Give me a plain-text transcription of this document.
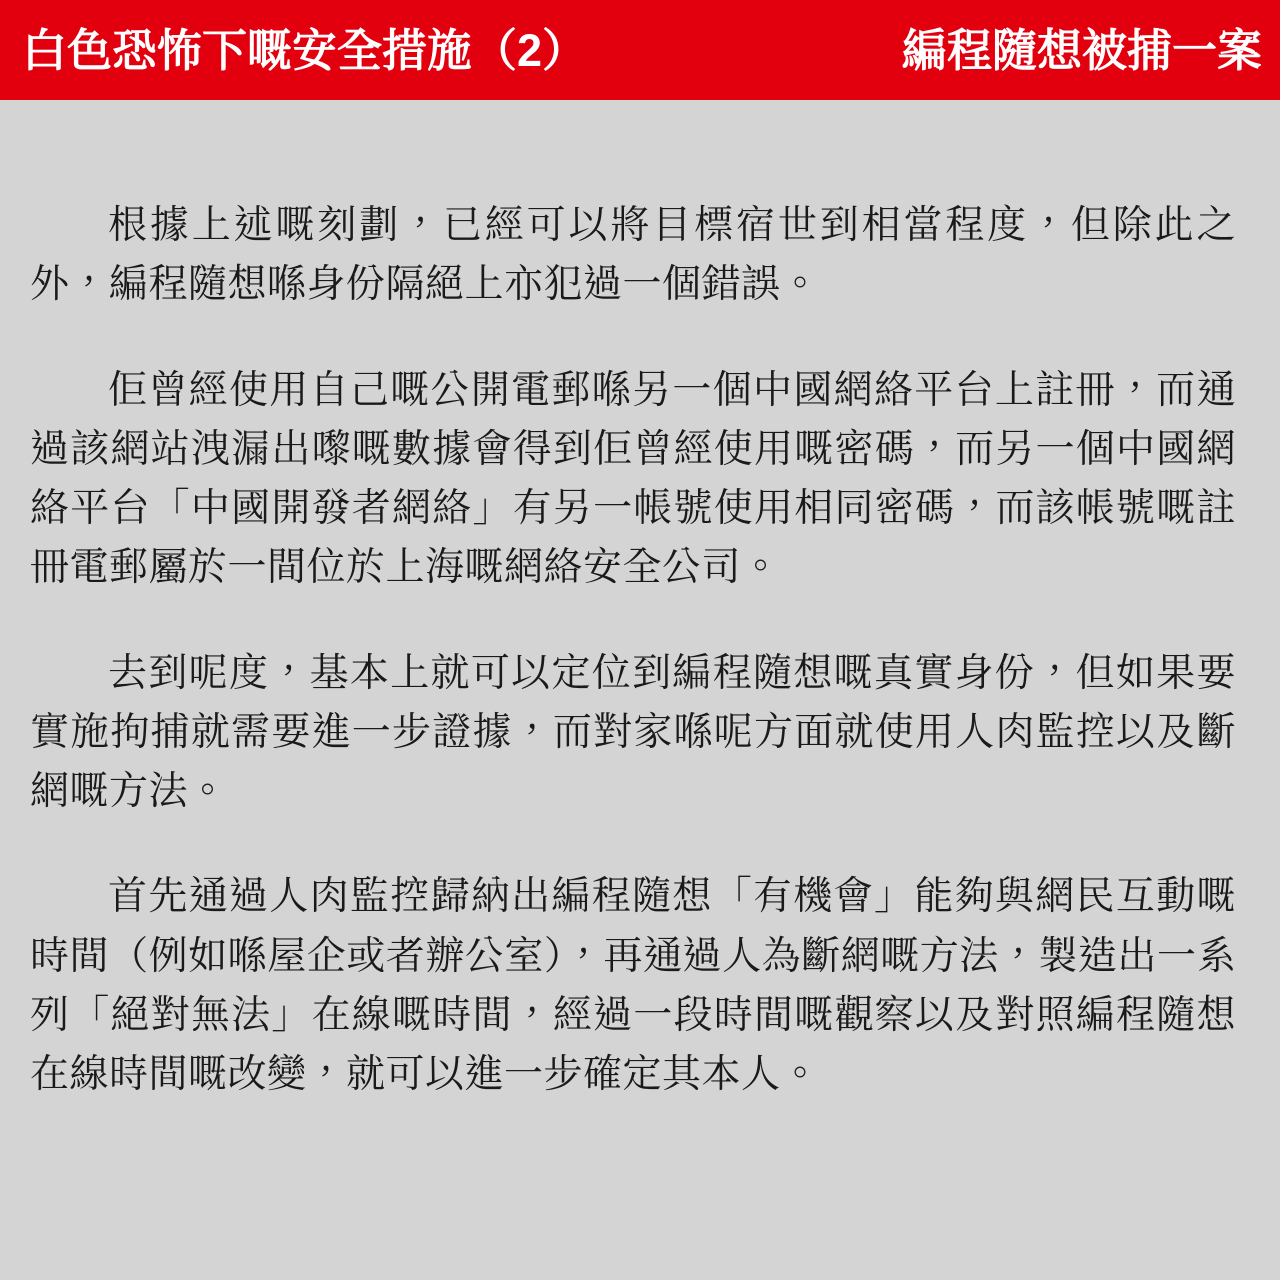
白色恐怖下嘅安全措施（2）	編程隨想被捕一案

根據上述嘅刻劃，已經可以將目標宿世到相當程度，但除此之外，編程隨想喺身份隔絕上亦犯過一個錯誤。

佢曾經使用自己嘅公開電郵喺另一個中國網絡平台上註冊，而通過該網站洩漏出嚟嘅數據會得到佢曾經使用嘅密碼，而另一個中國網絡平台「中國開發者網絡」有另一帳號使用相同密碼，而該帳號嘅註冊電郵屬於一間位於上海嘅網絡安全公司。

去到呢度，基本上就可以定位到編程隨想嘅真實身份，但如果要實施拘捕就需要進一步證據，而對家喺呢方面就使用人肉監控以及斷網嘅方法。

首先通過人肉監控歸納出編程隨想「有機會」能夠與網民互動嘅時間（例如喺屋企或者辦公室），再通過人為斷網嘅方法，製造出一系列「絕對無法」在線嘅時間，經過一段時間嘅觀察以及對照編程隨想在線時間嘅改變，就可以進一步確定其本人。
